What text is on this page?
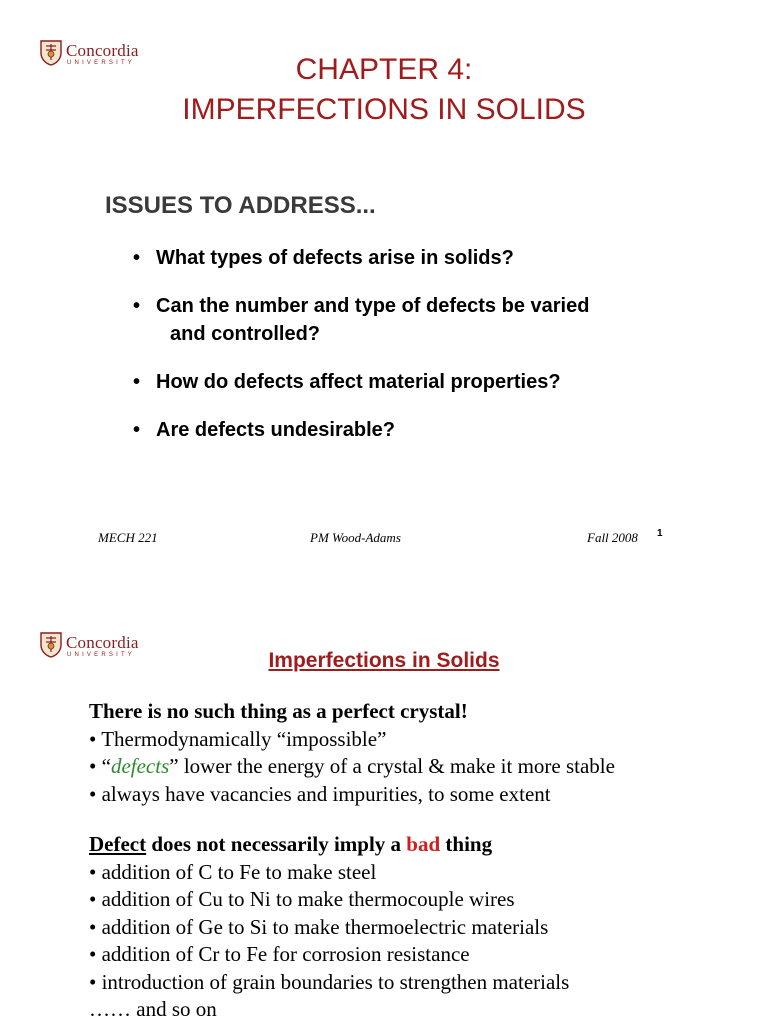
Concordia
UNIVERSITY	CHAPTER 4:
IMPERFECTIONS IN SOLIDS
ISSUES TO ADDRESS...
• What types of defects arise in solids?
• Can the number and type of defects be varied
and controlled?
• How do defects affect material properties?
• Are defects undesirable?
MECH 221	PM Wood-Adams	Fall 2008 1
Concordia
UNIVERSITY	Imperfections in Solids
There is no such thing as a perfect crystal!
• Thermodynamically “impossible”
• “defects” lower the energy of a crystal & make it more stable
• always have vacancies and impurities, to some extent
Defect does not necessarily imply a bad thing
• addition of C to Fe to make steel
• addition of Cu to Ni to make thermocouple wires
• addition of Ge to Si to make thermoelectric materials
• addition of Cr to Fe for corrosion resistance
• introduction of grain boundaries to strengthen materials
…… and so on
